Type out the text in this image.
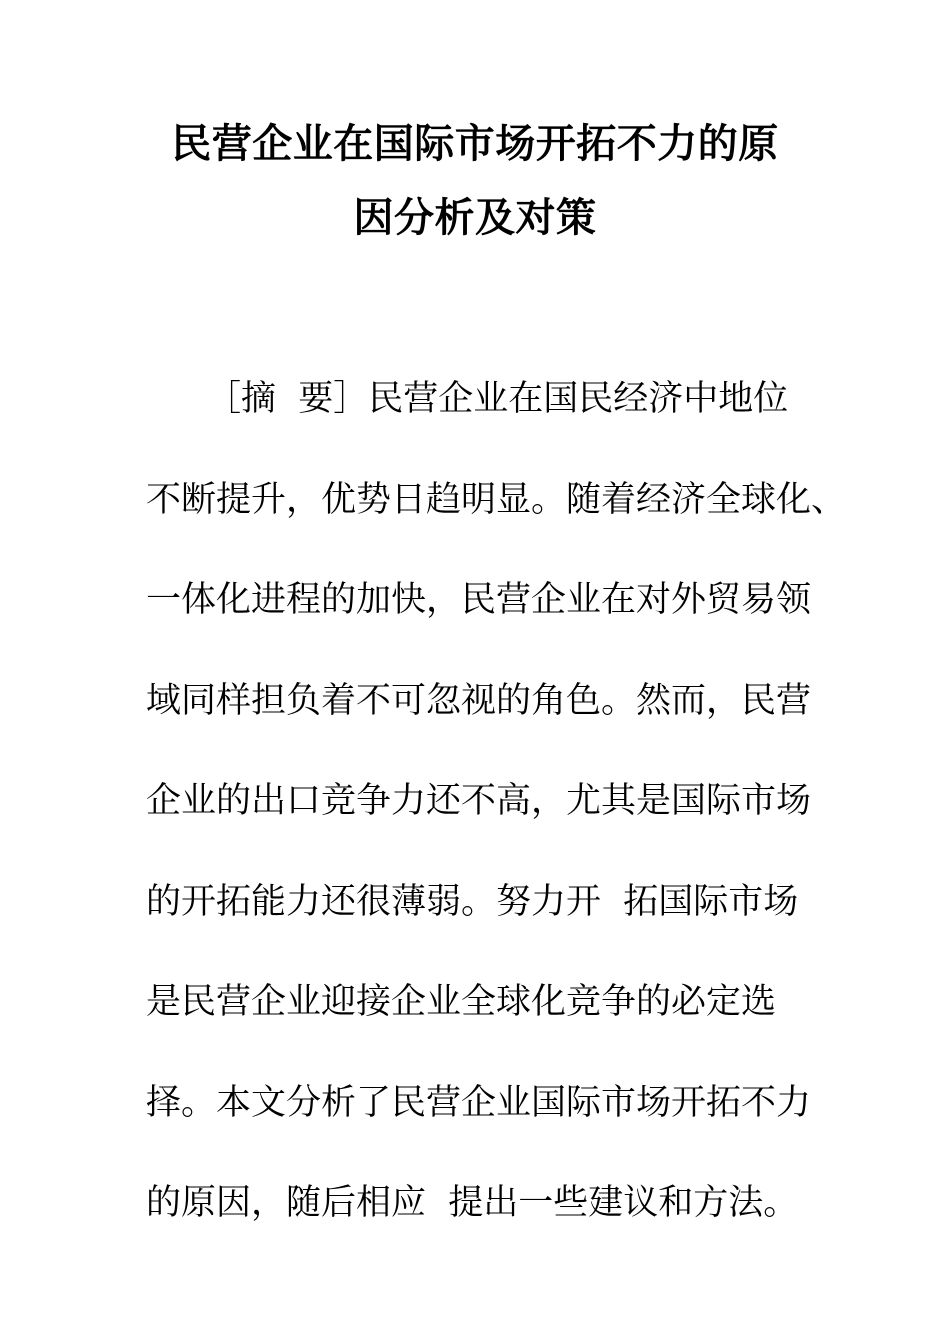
民营企业在国际市场开拓不力的原
因分析及对策
［摘  要］民营企业在国民经济中地位
不断提升，优势日趋明显。随着经济全球化、
一体化进程的加快，民营企业在对外贸易领
域同样担负着不可忽视的角色。然而，民营
企业的出口竞争力还不高，尤其是国际市场
的开拓能力还很薄弱。努力开  拓国际市场
是民营企业迎接企业全球化竞争的必定选
择。本文分析了民营企业国际市场开拓不力
的原因，随后相应  提出一些建议和方法。
